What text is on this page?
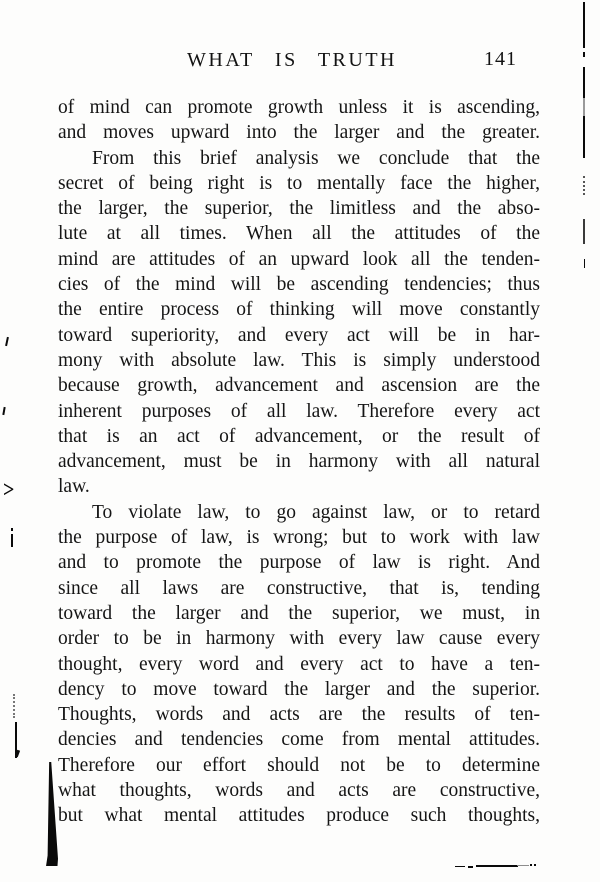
WHAT IS TRUTH	141
of mind can promote growth unless it is ascending,
and moves upward into the larger and the greater.
From this brief analysis we conclude that the
secret of being right is to mentally face the higher,
the larger, the superior, the limitless and the abso-
lute at all times. When all the attitudes of the
mind are attitudes of an upward look all the tenden-
cies of the mind will be ascending tendencies; thus
the entire process of thinking will move constantly
toward superiority, and every act will be in har-
mony with absolute law. This is simply understood
because growth, advancement and ascension are the
inherent purposes of all law. Therefore every act
that is an act of advancement, or the result of
advancement, must be in harmony with all natural
law.
To violate law, to go against law, or to retard
the purpose of law, is wrong; but to work with law
and to promote the purpose of law is right. And
since all laws are constructive, that is, tending
toward the larger and the superior, we must, in
order to be in harmony with every law cause every
thought, every word and every act to have a ten-
dency to move toward the larger and the superior.
Thoughts, words and acts are the results of ten-
dencies and tendencies come from mental attitudes.
Therefore our effort should not be to determine
what thoughts, words and acts are constructive,
but what mental attitudes produce such thoughts,
>
